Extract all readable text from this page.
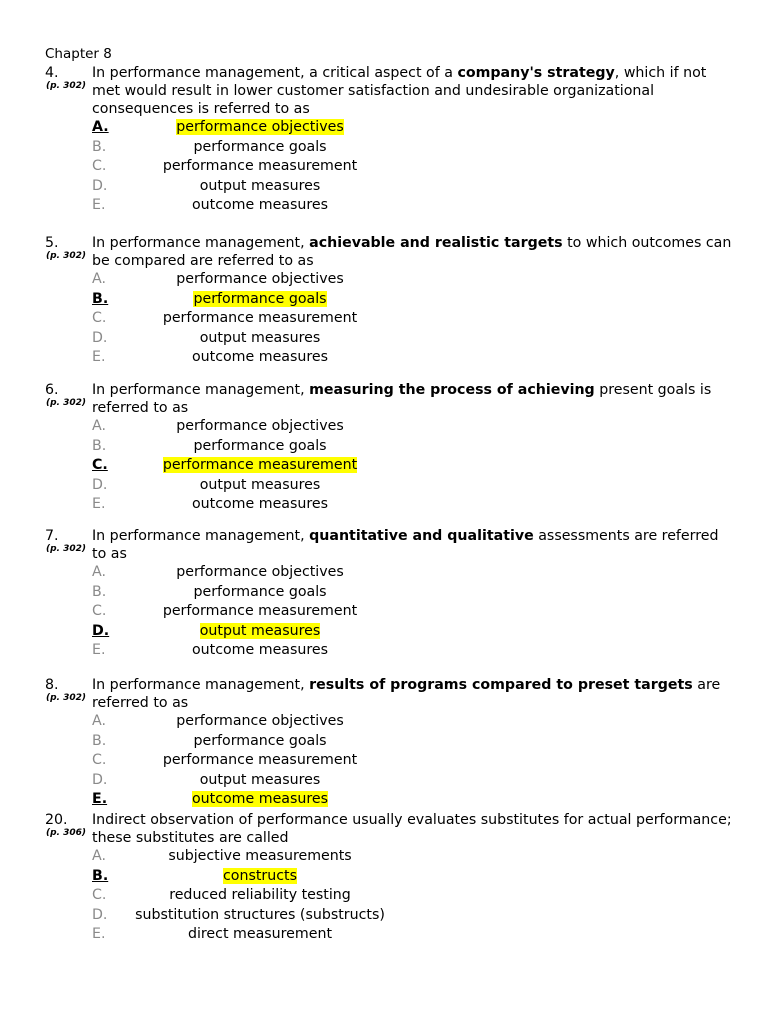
Chapter 8
4.
(p. 302)
In performance management, a critical aspect of a company's strategy, which if not met would result in lower customer satisfaction and undesirable organizational consequences is referred to as
A.	performance objectives
B.	performance goals
C.	performance measurement
D.	output measures
E.	outcome measures
5.
(p. 302)
In performance management, achievable and realistic targets to which outcomes can be compared are referred to as
A.	performance objectives
B.	performance goals
C.	performance measurement
D.	output measures
E.	outcome measures
6.
(p. 302)
In performance management, measuring the process of achieving present goals is referred to as
A.	performance objectives
B.	performance goals
C.	performance measurement
D.	output measures
E.	outcome measures
7.
(p. 302)
In performance management, quantitative and qualitative assessments are referred to as
A.	performance objectives
B.	performance goals
C.	performance measurement
D.	output measures
E.	outcome measures
8.
(p. 302)
In performance management, results of programs compared to preset targets are referred to as
A.	performance objectives
B.	performance goals
C.	performance measurement
D.	output measures
E.	outcome measures
20.
(p. 306)
Indirect observation of performance usually evaluates substitutes for actual performance; these substitutes are called
A.	subjective measurements
B.	constructs
C.	reduced reliability testing
D.	substitution structures (substructs)
E.	direct measurement
